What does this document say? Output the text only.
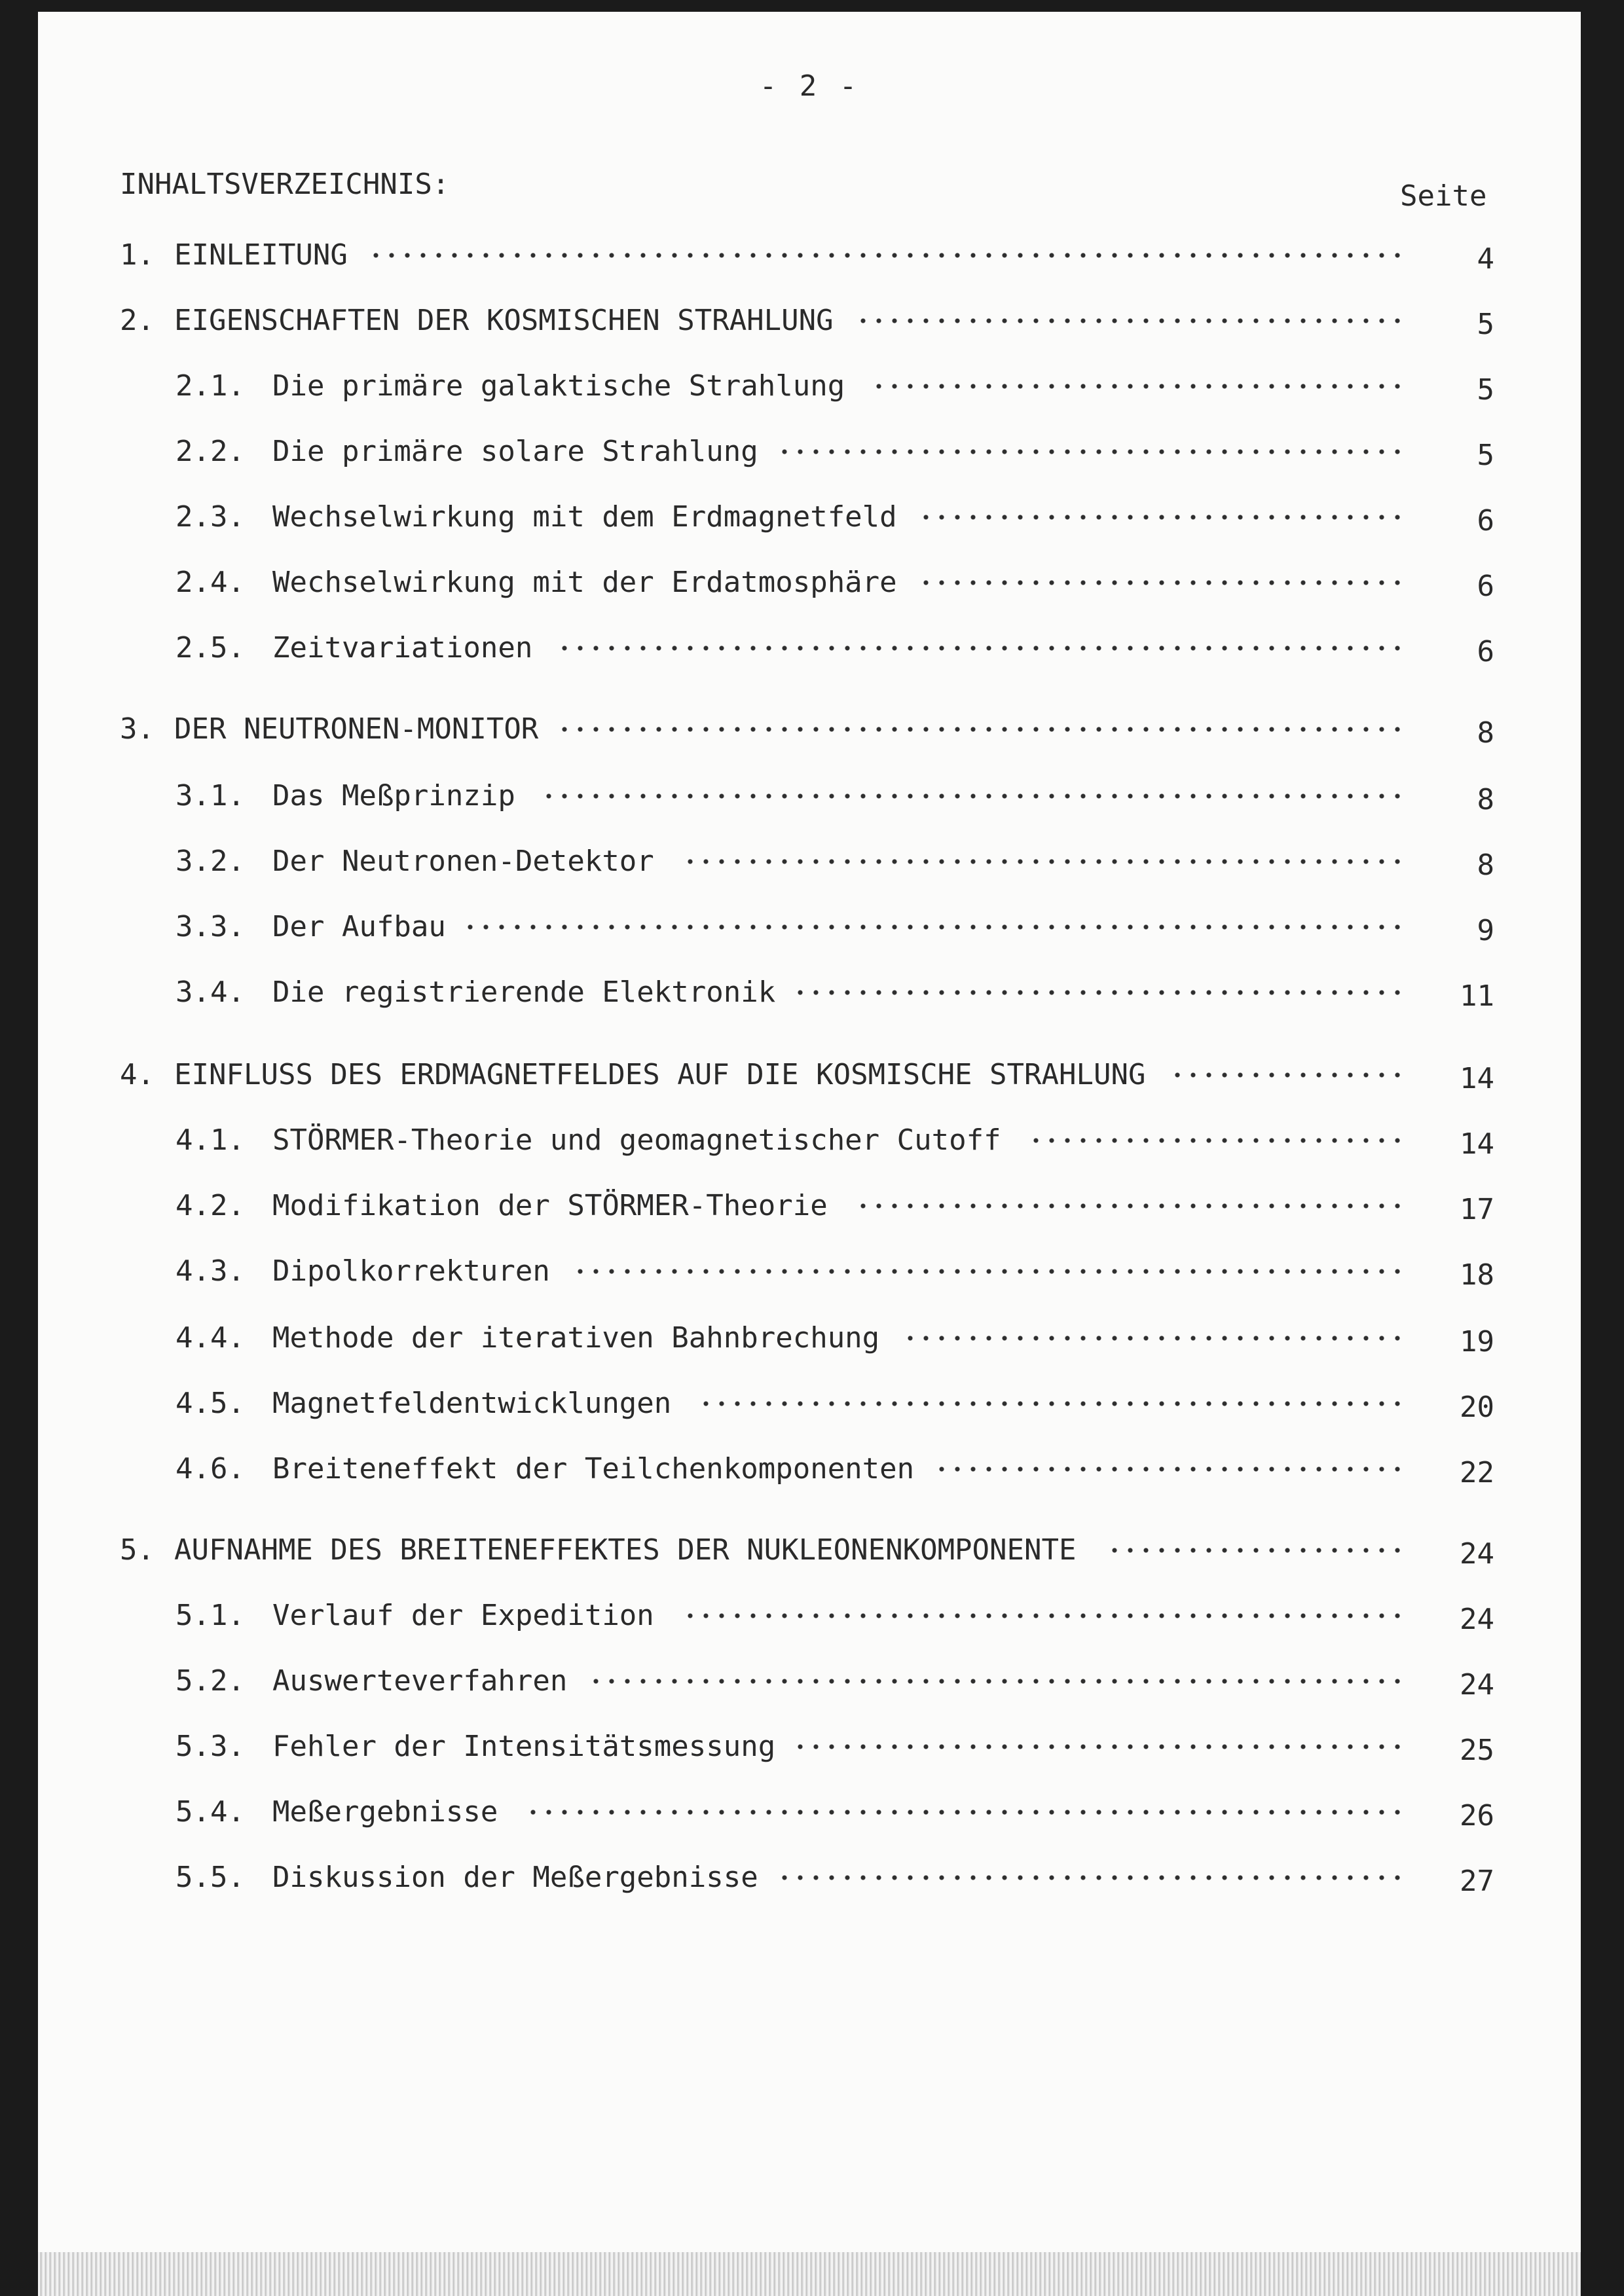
- 2 -
INHALTSVERZEICHNIS:	Seite
1. EINLEITUNG	4
2. EIGENSCHAFTEN DER KOSMISCHEN STRAHLUNG	5
2.1. Die primäre galaktische Strahlung	5
2.2. Die primäre solare Strahlung	5
2.3. Wechselwirkung mit dem Erdmagnetfeld	6
2.4. Wechselwirkung mit der Erdatmosphäre	6
2.5. Zeitvariationen	6
3. DER NEUTRONEN-MONITOR	8
3.1. Das Meßprinzip	8
3.2. Der Neutronen-Detektor	8
3.3. Der Aufbau	9
3.4. Die registrierende Elektronik	11
4. EINFLUSS DES ERDMAGNETFELDES AUF DIE KOSMISCHE STRAHLUNG	14
4.1. STÖRMER-Theorie und geomagnetischer Cutoff	14
4.2. Modifikation der STÖRMER-Theorie	17
4.3. Dipolkorrekturen	18
4.4. Methode der iterativen Bahnbrechung	19
4.5. Magnetfeldentwicklungen	20
4.6. Breiteneffekt der Teilchenkomponenten	22
5. AUFNAHME DES BREITENEFFEKTES DER NUKLEONENKOMPONENTE	24
5.1. Verlauf der Expedition	24
5.2. Auswerteverfahren	24
5.3. Fehler der Intensitätsmessung	25
5.4. Meßergebnisse	26
5.5. Diskussion der Meßergebnisse	27
